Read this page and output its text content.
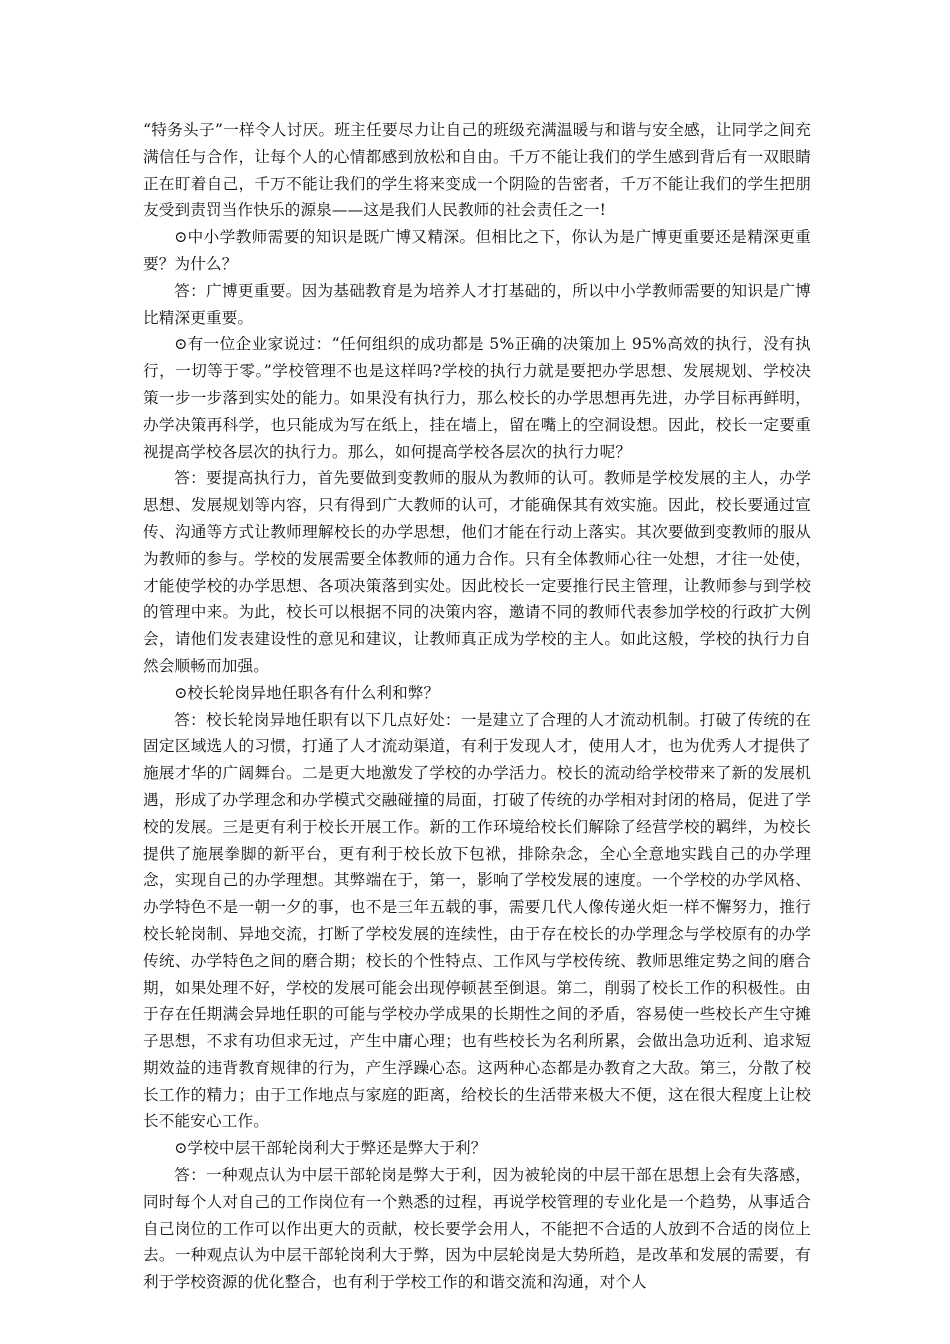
“特务头子”一样令人讨厌。班主任要尽力让自己的班级充满温暖与和谐与安全感，让同学之间充满信任与合作，让每个人的心情都感到放松和自由。千万不能让我们的学生感到背后有一双眼睛正在盯着自己，千万不能让我们的学生将来变成一个阴险的告密者，千万不能让我们的学生把朋友受到责罚当作快乐的源泉——这是我们人民教师的社会责任之一!

⊙中小学教师需要的知识是既广博又精深。但相比之下，你认为是广博更重要还是精深更重要？为什么？

答：广博更重要。因为基础教育是为培养人才打基础的，所以中小学教师需要的知识是广博比精深更重要。

⊙有一位企业家说过：“任何组织的成功都是 5%正确的决策加上 95%高效的执行，没有执行，一切等于零。”学校管理不也是这样吗?学校的执行力就是要把办学思想、发展规划、学校决策一步一步落到实处的能力。如果没有执行力，那么校长的办学思想再先进，办学目标再鲜明，办学决策再科学，也只能成为写在纸上，挂在墙上，留在嘴上的空洞设想。因此，校长一定要重视提高学校各层次的执行力。那么，如何提高学校各层次的执行力呢？

答：要提高执行力，首先要做到变教师的服从为教师的认可。教师是学校发展的主人，办学思想、发展规划等内容，只有得到广大教师的认可，才能确保其有效实施。因此，校长要通过宣传、沟通等方式让教师理解校长的办学思想，他们才能在行动上落实。其次要做到变教师的服从为教师的参与。学校的发展需要全体教师的通力合作。只有全体教师心往一处想，才往一处使，才能使学校的办学思想、各项决策落到实处。因此校长一定要推行民主管理，让教师参与到学校的管理中来。为此，校长可以根据不同的决策内容，邀请不同的教师代表参加学校的行政扩大例会，请他们发表建设性的意见和建议，让教师真正成为学校的主人。如此这般，学校的执行力自然会顺畅而加强。

⊙校长轮岗异地任职各有什么利和弊？

答：校长轮岗异地任职有以下几点好处：一是建立了合理的人才流动机制。打破了传统的在固定区域选人的习惯，打通了人才流动渠道，有利于发现人才，使用人才，也为优秀人才提供了施展才华的广阔舞台。二是更大地激发了学校的办学活力。校长的流动给学校带来了新的发展机遇，形成了办学理念和办学模式交融碰撞的局面，打破了传统的办学相对封闭的格局，促进了学校的发展。三是更有利于校长开展工作。新的工作环境给校长们解除了经营学校的羁绊，为校长提供了施展拳脚的新平台，更有利于校长放下包袱，排除杂念，全心全意地实践自己的办学理念，实现自己的办学理想。其弊端在于，第一，影响了学校发展的速度。一个学校的办学风格、办学特色不是一朝一夕的事，也不是三年五载的事，需要几代人像传递火炬一样不懈努力，推行校长轮岗制、异地交流，打断了学校发展的连续性，由于存在校长的办学理念与学校原有的办学传统、办学特色之间的磨合期；校长的个性特点、工作风与学校传统、教师思维定势之间的磨合期，如果处理不好，学校的发展可能会出现停顿甚至倒退。第二，削弱了校长工作的积极性。由于存在任期满会异地任职的可能与学校办学成果的长期性之间的矛盾，容易使一些校长产生守摊子思想，不求有功但求无过，产生中庸心理；也有些校长为名利所累，会做出急功近利、追求短期效益的违背教育规律的行为，产生浮躁心态。这两种心态都是办教育之大敌。第三，分散了校长工作的精力；由于工作地点与家庭的距离，给校长的生活带来极大不便，这在很大程度上让校长不能安心工作。

⊙学校中层干部轮岗利大于弊还是弊大于利？

答：一种观点认为中层干部轮岗是弊大于利，因为被轮岗的中层干部在思想上会有失落感，同时每个人对自己的工作岗位有一个熟悉的过程，再说学校管理的专业化是一个趋势，从事适合自己岗位的工作可以作出更大的贡献，校长要学会用人，不能把不合适的人放到不合适的岗位上去。一种观点认为中层干部轮岗利大于弊，因为中层轮岗是大势所趋，是改革和发展的需要，有利于学校资源的优化整合，也有利于学校工作的和谐交流和沟通，对个人
